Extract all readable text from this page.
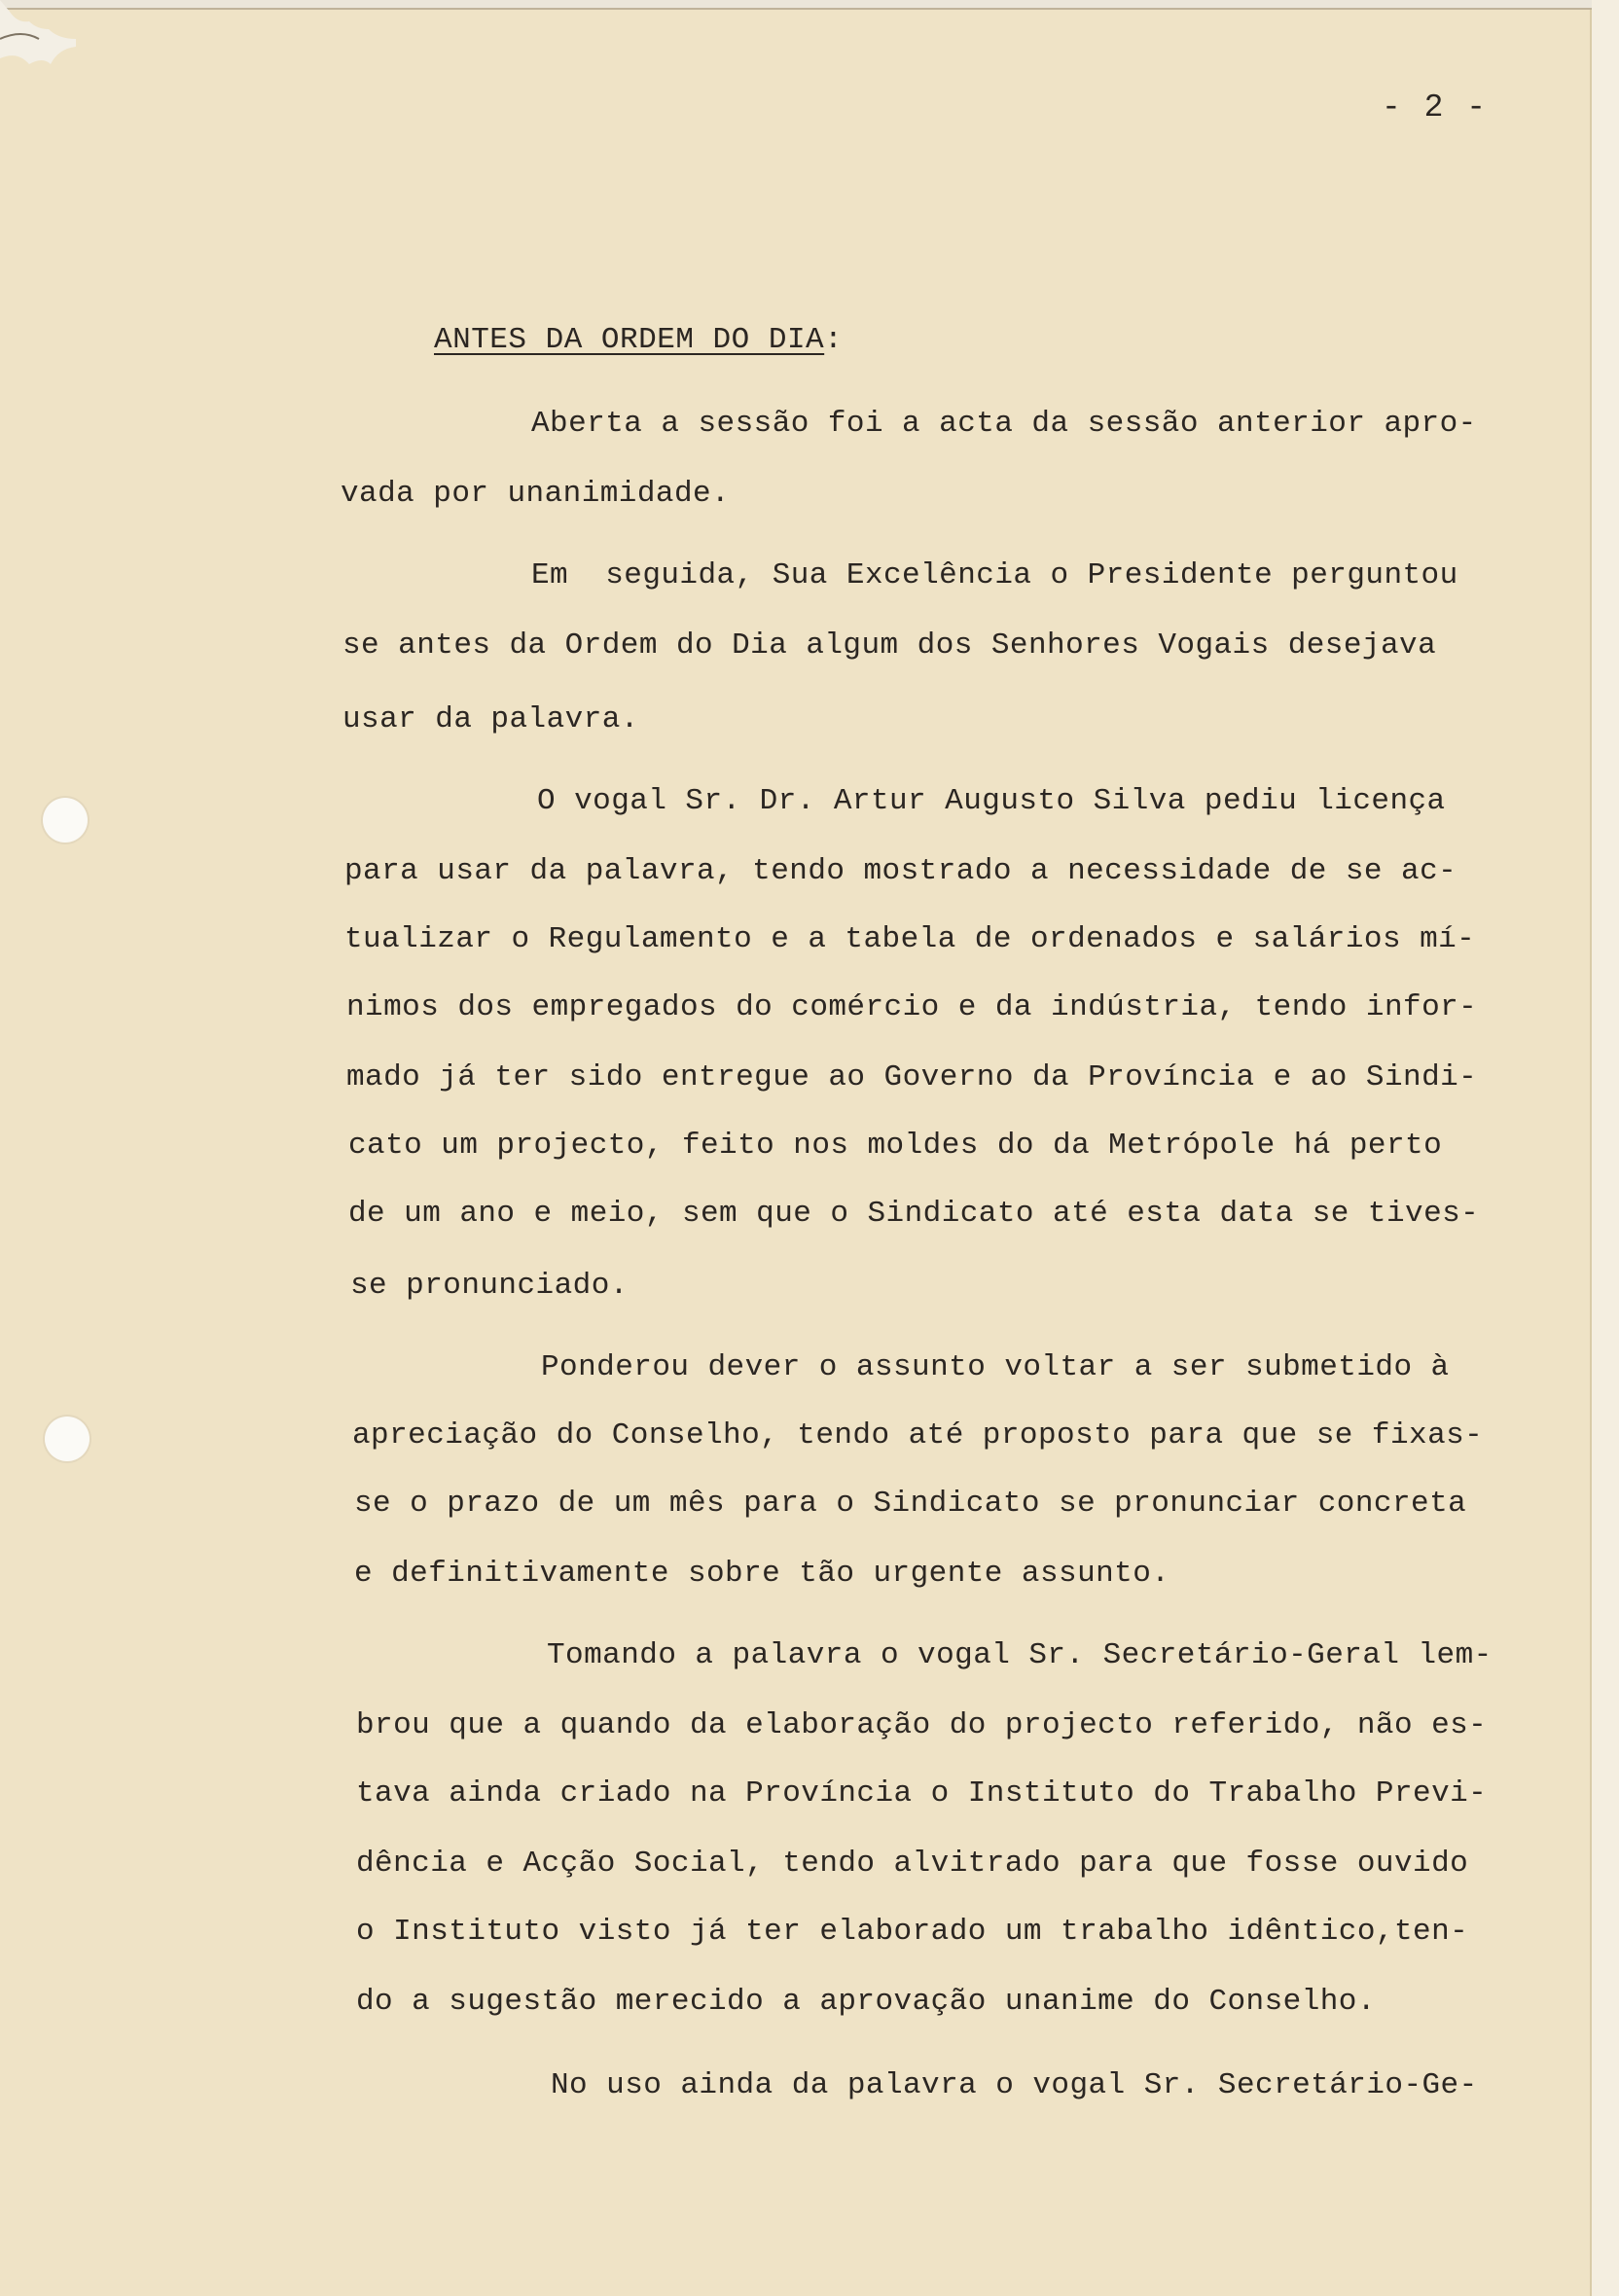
- 2 -
ANTES DA ORDEM DO DIA:
Aberta a sessão foi a acta da sessão anterior apro-
vada por unanimidade.
Em  seguida, Sua Excelência o Presidente perguntou
se antes da Ordem do Dia algum dos Senhores Vogais desejava
usar da palavra.
O vogal Sr. Dr. Artur Augusto Silva pediu licença
para usar da palavra, tendo mostrado a necessidade de se ac-
tualizar o Regulamento e a tabela de ordenados e salários mí-
nimos dos empregados do comércio e da indústria, tendo infor-
mado já ter sido entregue ao Governo da Província e ao Sindi-
cato um projecto, feito nos moldes do da Metrópole há perto
de um ano e meio, sem que o Sindicato até esta data se tives-
se pronunciado.
Ponderou dever o assunto voltar a ser submetido à
apreciação do Conselho, tendo até proposto para que se fixas-
se o prazo de um mês para o Sindicato se pronunciar concreta
e definitivamente sobre tão urgente assunto.
Tomando a palavra o vogal Sr. Secretário-Geral lem-
brou que a quando da elaboração do projecto referido, não es-
tava ainda criado na Província o Instituto do Trabalho Previ-
dência e Acção Social, tendo alvitrado para que fosse ouvido
o Instituto visto já ter elaborado um trabalho idêntico,ten-
do a sugestão merecido a aprovação unanime do Conselho.
No uso ainda da palavra o vogal Sr. Secretário-Ge-
